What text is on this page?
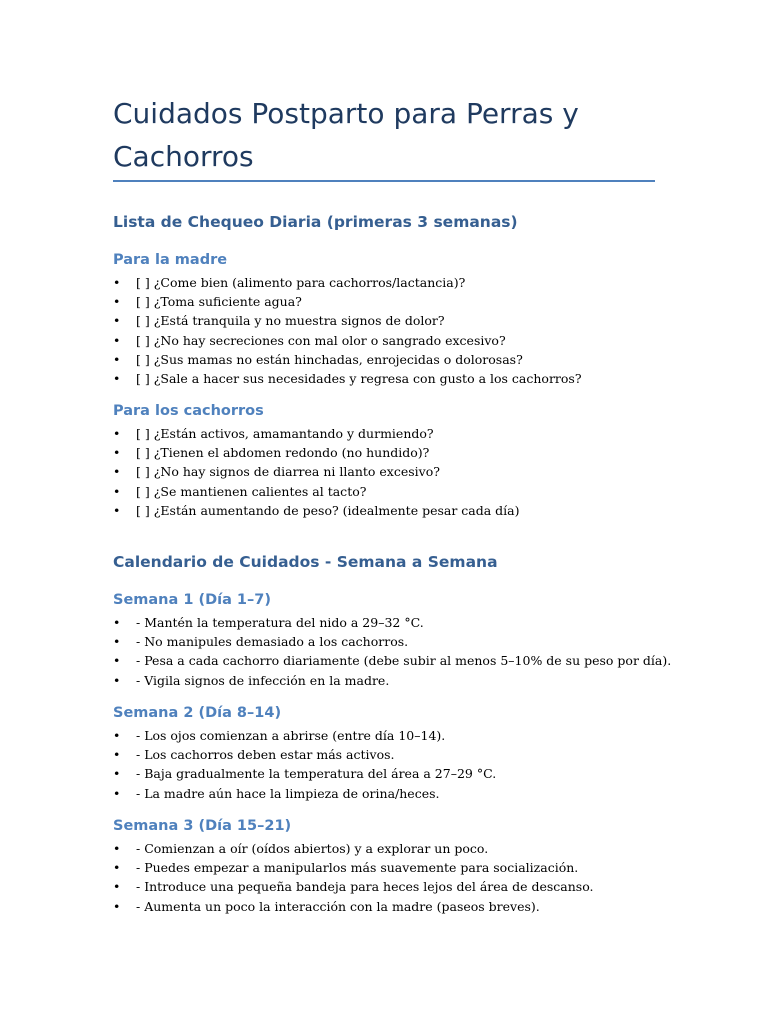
Cuidados Postparto para Perras y Cachorros
Lista de Chequeo Diaria (primeras 3 semanas)
Para la madre
•	[ ] ¿Come bien (alimento para cachorros/lactancia)?
•	[ ] ¿Toma suficiente agua?
•	[ ] ¿Está tranquila y no muestra signos de dolor?
•	[ ] ¿No hay secreciones con mal olor o sangrado excesivo?
•	[ ] ¿Sus mamas no están hinchadas, enrojecidas o dolorosas?
•	[ ] ¿Sale a hacer sus necesidades y regresa con gusto a los cachorros?
Para los cachorros
•	[ ] ¿Están activos, amamantando y durmiendo?
•	[ ] ¿Tienen el abdomen redondo (no hundido)?
•	[ ] ¿No hay signos de diarrea ni llanto excesivo?
•	[ ] ¿Se mantienen calientes al tacto?
•	[ ] ¿Están aumentando de peso? (idealmente pesar cada día)
Calendario de Cuidados - Semana a Semana
Semana 1 (Día 1–7)
•	- Mantén la temperatura del nido a 29–32 °C.
•	- No manipules demasiado a los cachorros.
•	- Pesa a cada cachorro diariamente (debe subir al menos 5–10% de su peso por día).
•	- Vigila signos de infección en la madre.
Semana 2 (Día 8–14)
•	- Los ojos comienzan a abrirse (entre día 10–14).
•	- Los cachorros deben estar más activos.
•	- Baja gradualmente la temperatura del área a 27–29 °C.
•	- La madre aún hace la limpieza de orina/heces.
Semana 3 (Día 15–21)
•	- Comienzan a oír (oídos abiertos) y a explorar un poco.
•	- Puedes empezar a manipularlos más suavemente para socialización.
•	- Introduce una pequeña bandeja para heces lejos del área de descanso.
•	- Aumenta un poco la interacción con la madre (paseos breves).
